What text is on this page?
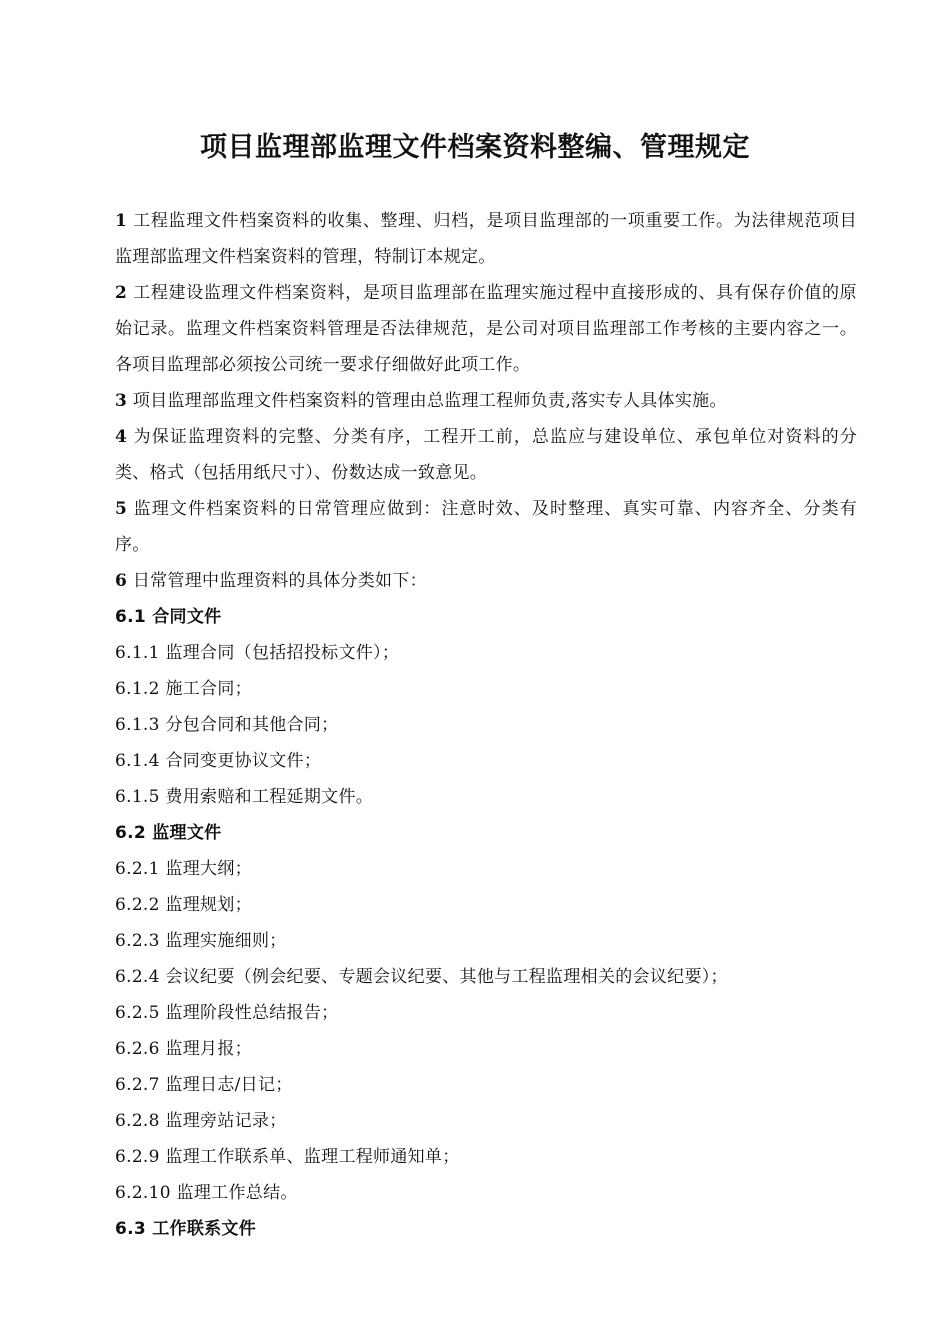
项目监理部监理文件档案资料整编、管理规定

1 工程监理文件档案资料的收集、整理、归档，是项目监理部的一项重要工作。为法律规范项目监理部监理文件档案资料的管理，特制订本规定。

2 工程建设监理文件档案资料，是项目监理部在监理实施过程中直接形成的、具有保存价值的原始记录。监理文件档案资料管理是否法律规范，是公司对项目监理部工作考核的主要内容之一。各项目监理部必须按公司统一要求仔细做好此项工作。

3 项目监理部监理文件档案资料的管理由总监理工程师负责,落实专人具体实施。

4 为保证监理资料的完整、分类有序，工程开工前，总监应与建设单位、承包单位对资料的分类、格式（包括用纸尺寸）、份数达成一致意见。

5 监理文件档案资料的日常管理应做到：注意时效、及时整理、真实可靠、内容齐全、分类有序。

6 日常管理中监理资料的具体分类如下：

6.1 合同文件

6.1.1 监理合同（包括招投标文件）；

6.1.2 施工合同；

6.1.3 分包合同和其他合同；

6.1.4 合同变更协议文件；

6.1.5 费用索赔和工程延期文件。

6.2 监理文件

6.2.1 监理大纲；

6.2.2 监理规划；

6.2.3 监理实施细则；

6.2.4 会议纪要（例会纪要、专题会议纪要、其他与工程监理相关的会议纪要）；

6.2.5 监理阶段性总结报告；

6.2.6 监理月报；

6.2.7 监理日志/日记；

6.2.8 监理旁站记录；

6.2.9 监理工作联系单、监理工程师通知单；

6.2.10 监理工作总结。

6.3 工作联系文件
